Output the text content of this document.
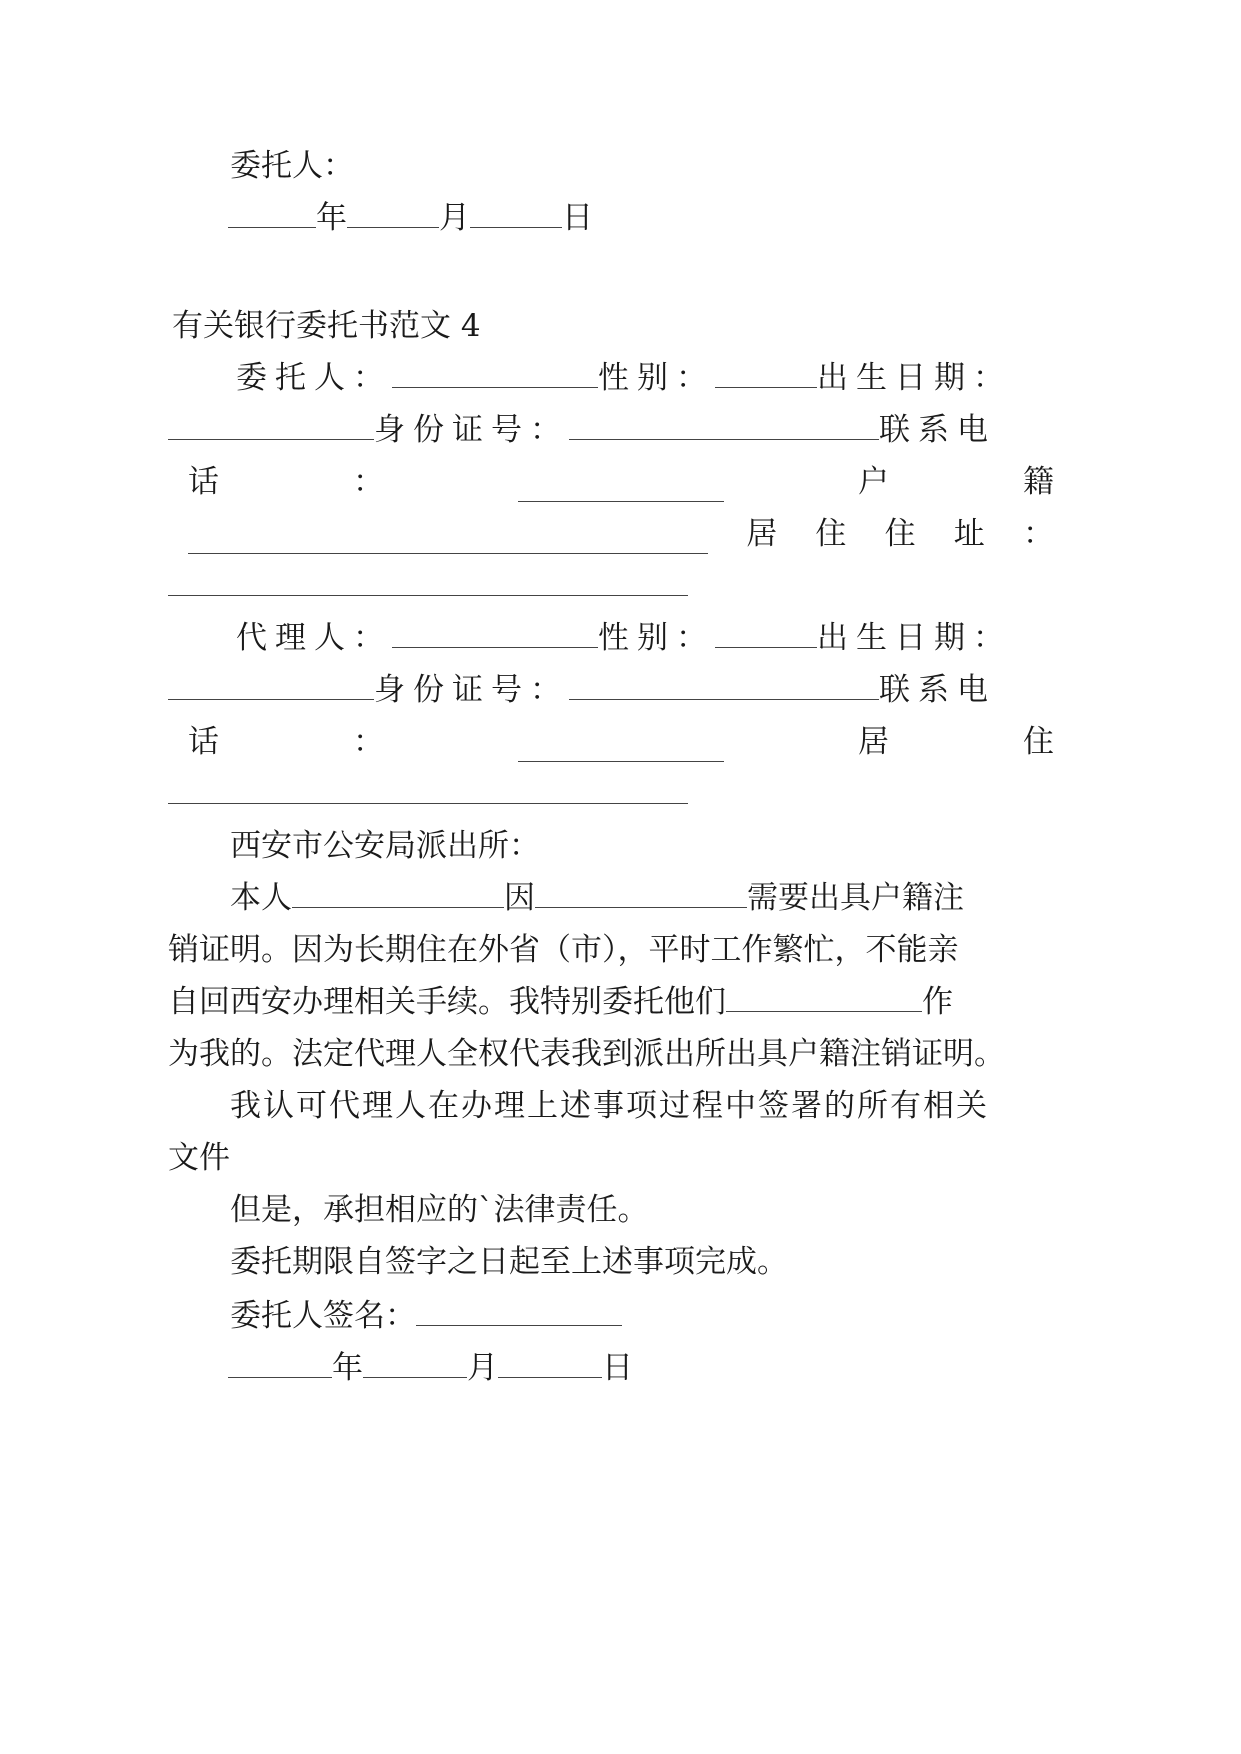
委托人：
年	月	日
有关银行委托书范文 4
委托人：	性别：	出生日期：
身份证号：	联系电
话	：	户	籍
居 住 住 址 ：
代理人：	性别：	出生日期：
身份证号：	联系电
话	：	居	住
西安市公安局派出所：
本人	因	需要出具户籍注
销证明。因为长期住在外省（市），平时工作繁忙，不能亲
自回西安办理相关手续。我特别委托他们	作
为我的。法定代理人全权代表我到派出所出具户籍注销证明。
我认可代理人在办理上述事项过程中签署的所有相关
文件
但是，承担相应的`法律责任。
委托期限自签字之日起至上述事项完成。
委托人签名：
年	月	日
